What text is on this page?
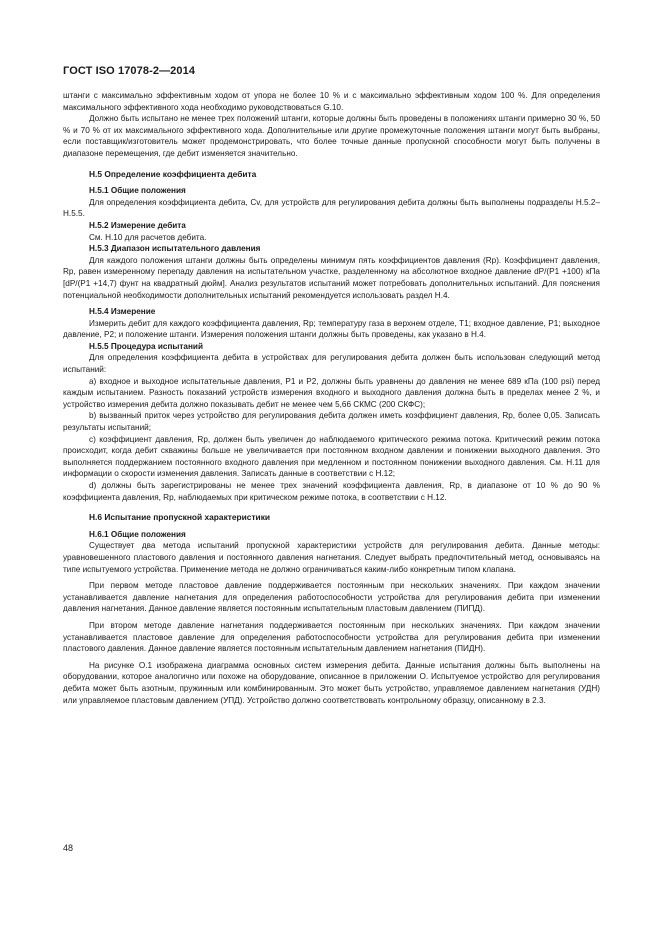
ГОСТ ISO 17078-2—2014

штанги с максимально эффективным ходом от упора не более 10 % и с максимально эффективным ходом 100 %. Для определения максимального эффективного хода необходимо руководствоваться G.10.

Должно быть испытано не менее трех положений штанги, которые должны быть проведены в положениях штанги примерно 30 %, 50 % и 70 % от их максимального эффективного хода. Дополнительные или другие промежуточные положения штанги могут быть выбраны, если поставщик/изготовитель может продемонстрировать, что более точные данные пропускной способности могут быть получены в диапазоне перемещения, где дебит изменяется значительно.

H.5 Определение коэффициента дебита
H.5.1 Общие положения

Для определения коэффициента дебита, Cv, для устройств для регулирования дебита должны быть выполнены подразделы H.5.2–H.5.5.

H.5.2 Измерение дебита

См. H.10 для расчетов дебита.

H.5.3 Диапазон испытательного давления

Для каждого положения штанги должны быть определены минимум пять коэффициентов давления (Rp). Коэффициент давления, Rp, равен измеренному перепаду давления на испытательном участке, разделенному на абсолютное входное давление dP/(P1 +100) кПа [dP/(P1 +14,7) фунт на квадратный дюйм]. Анализ результатов испытаний может потребовать дополнительных испытаний. Для пояснения потенциальной необходимости дополнительных испытаний рекомендуется использовать раздел H.4.

H.5.4 Измерение

Измерить дебит для каждого коэффициента давления, Rp; температуру газа в верхнем отделе, T1; входное давление, P1; выходное давление, P2; и положение штанги. Измерения положения штанги должны быть проведены, как указано в H.4.

H.5.5 Процедура испытаний

Для определения коэффициента дебита в устройствах для регулирования дебита должен быть использован следующий метод испытаний:

а) входное и выходное испытательные давления, P1 и P2, должны быть уравнены до давления не менее 689 кПа (100 psi) перед каждым испытанием. Разность показаний устройств измерения входного и выходного давления должна быть в пределах менее 2 %, и устройство измерения дебита должно показывать дебит не менее чем 5,66 СКМС (200 СКФС);

b) вызванный приток через устройство для регулирования дебита должен иметь коэффициент давления, Rp, более 0,05. Записать результаты испытаний;

c) коэффициент давления, Rp, должен быть увеличен до наблюдаемого критического режима потока. Критический режим потока происходит, когда дебит скважины больше не увеличивается при постоянном входном давлении и понижении выходного давления. Это выполняется поддержанием постоянного входного давления при медленном и постоянном понижении выходного давления. См. H.11 для информации о скорости изменения давления. Записать данные в соответствии с H.12;

d) должны быть зарегистрированы не менее трех значений коэффициента давления, Rp, в диапазоне от 10 % до 90 % коэффициента давления, Rp, наблюдаемых при критическом режиме потока, в соответствии с H.12.

H.6 Испытание пропускной характеристики
H.6.1 Общие положения

Существует два метода испытаний пропускной характеристики устройств для регулирования дебита. Данные методы: уравновешенного пластового давления и постоянного давления нагнетания. Следует выбрать предпочтительный метод, основываясь на типе испытуемого устройства. Применение метода не должно ограничиваться каким-либо конкретным типом клапана.

При первом методе пластовое давление поддерживается постоянным при нескольких значениях. При каждом значении устанавливается давление нагнетания для определения работоспособности устройства для регулирования дебита при изменении давления нагнетания. Данное давление является постоянным испытательным пластовым давлением (ПИПД).

При втором методе давление нагнетания поддерживается постоянным при нескольких значениях. При каждом значении устанавливается пластовое давление для определения работоспособности устройства для регулирования дебита при изменении пластового давления. Данное давление является постоянным испытательным давлением нагнетания (ПИДН).

На рисунке O.1 изображена диаграмма основных систем измерения дебита. Данные испытания должны быть выполнены на оборудовании, которое аналогично или похоже на оборудование, описанное в приложении O. Испытуемое устройство для регулирования дебита может быть азотным, пружинным или комбинированным. Это может быть устройство, управляемое давлением нагнетания (УДН) или управляемое пластовым давлением (УПД). Устройство должно соответствовать контрольному образцу, описанному в 2.3.

48
